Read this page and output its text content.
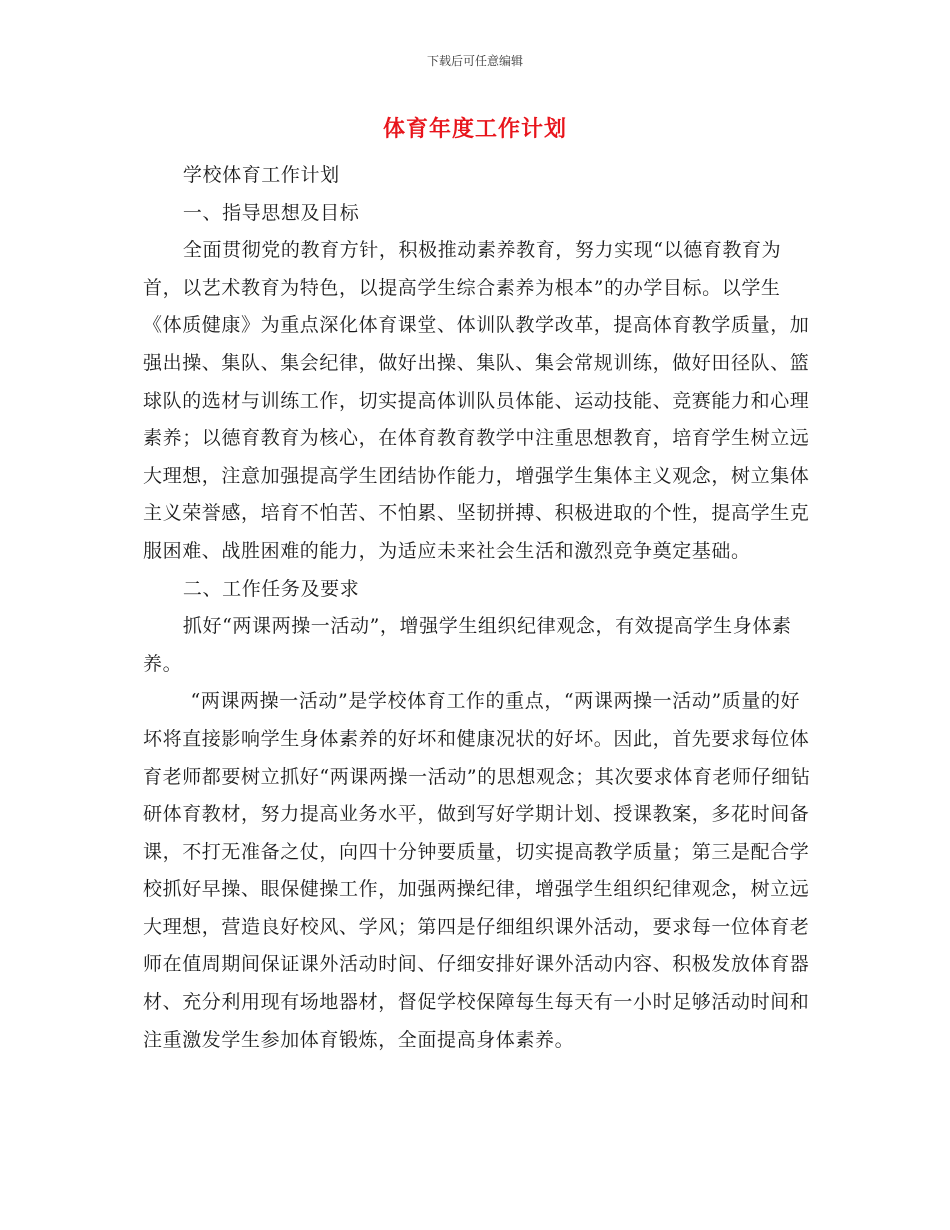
下载后可任意编辑
体育年度工作计划

学校体育工作计划

一、指导思想及目标

全面贯彻党的教育方针，积极推动素养教育，努力实现“以德育教育为首，以艺术教育为特色，以提高学生综合素养为根本”的办学目标。以学生《体质健康》为重点深化体育课堂、体训队教学改革，提高体育教学质量，加强出操、集队、集会纪律，做好出操、集队、集会常规训练，做好田径队、篮球队的选材与训练工作，切实提高体训队员体能、运动技能、竞赛能力和心理素养；以德育教育为核心，在体育教育教学中注重思想教育，培育学生树立远大理想，注意加强提高学生团结协作能力，增强学生集体主义观念，树立集体主义荣誉感，培育不怕苦、不怕累、坚韧拼搏、积极进取的个性，提高学生克服困难、战胜困难的能力，为适应未来社会生活和激烈竞争奠定基础。

二、工作任务及要求

抓好“两课两操一活动”，增强学生组织纪律观念，有效提高学生身体素养。

“两课两操一活动”是学校体育工作的重点，“两课两操一活动”质量的好坏将直接影响学生身体素养的好坏和健康况状的好坏。因此，首先要求每位体育老师都要树立抓好“两课两操一活动”的思想观念；其次要求体育老师仔细钻研体育教材，努力提高业务水平，做到写好学期计划、授课教案，多花时间备课，不打无准备之仗，向四十分钟要质量，切实提高教学质量；第三是配合学校抓好早操、眼保健操工作，加强两操纪律，增强学生组织纪律观念，树立远大理想，营造良好校风、学风；第四是仔细组织课外活动，要求每一位体育老师在值周期间保证课外活动时间、仔细安排好课外活动内容、积极发放体育器材、充分利用现有场地器材，督促学校保障每生每天有一小时足够活动时间和注重激发学生参加体育锻炼，全面提高身体素养。
